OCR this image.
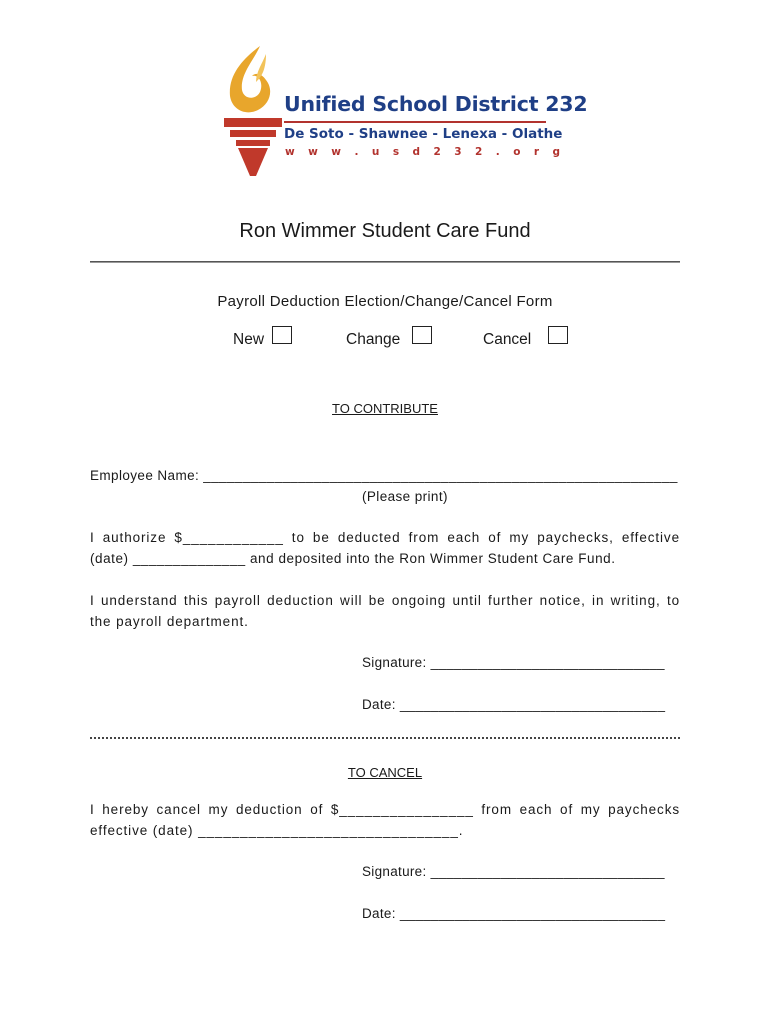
Unified School District 232
De Soto - Shawnee - Lenexa - Olathe
w w w . u s d 2 3 2 . o r g
Ron Wimmer Student Care Fund
Payroll Deduction Election/Change/Cancel Form
New	Change	Cancel
TO CONTRIBUTE
Employee Name: ____________________________________________________________
(Please print)
I authorize $____________ to be deducted from each of my paychecks, effective
(date) ______________ and deposited into the Ron Wimmer Student Care Fund.
I understand this payroll deduction will be ongoing until further notice, in writing, to
the payroll department.
Signature: ______________________________
Date: __________________________________
TO CANCEL
I hereby cancel my deduction of $________________ from each of my paychecks
effective (date) _______________________________.
Signature: ______________________________
Date: __________________________________
